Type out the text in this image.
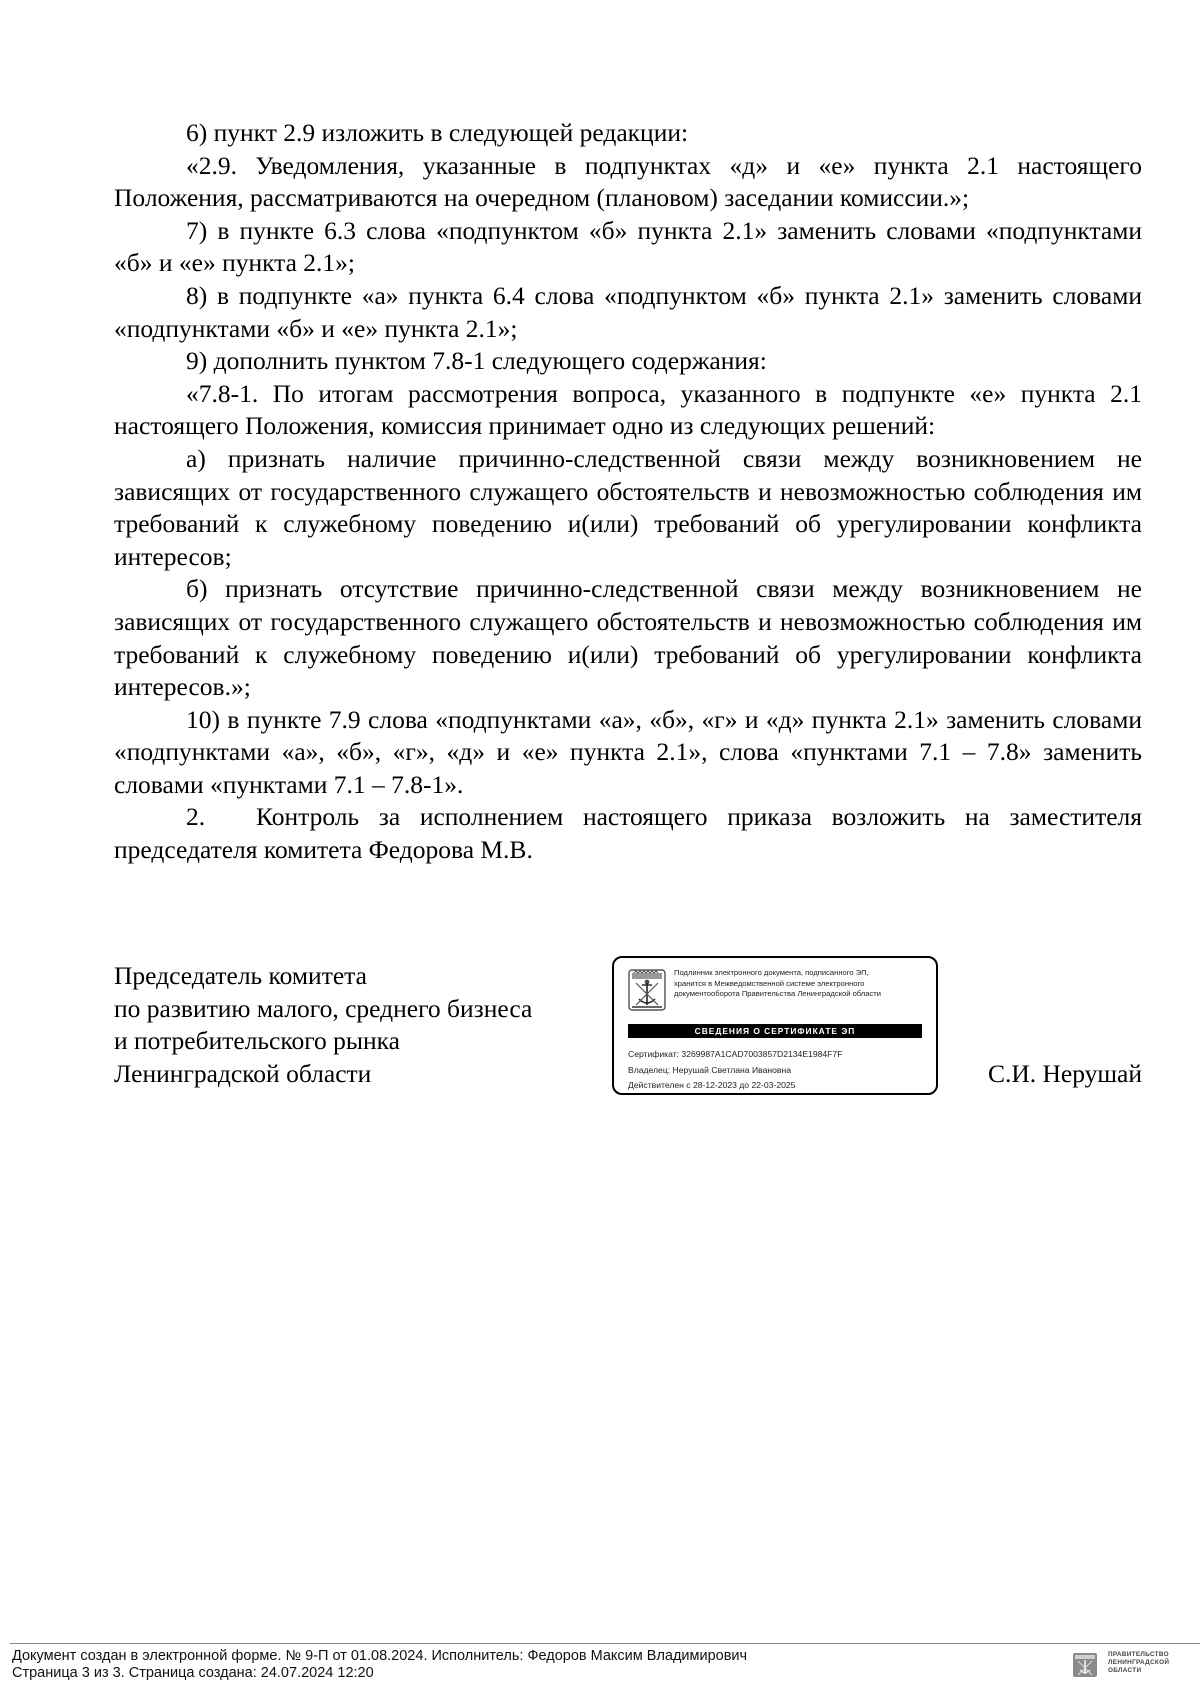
6) пункт 2.9 изложить в следующей редакции:

«2.9. Уведомления, указанные в подпунктах «д» и «е» пункта 2.1 настоящего Положения, рассматриваются на очередном (плановом) заседании комиссии.»;

7) в пункте 6.3 слова «подпунктом «б» пункта 2.1» заменить словами «подпунктами «б» и «е» пункта 2.1»;

8) в подпункте «а» пункта 6.4 слова «подпунктом «б» пункта 2.1» заменить словами «подпунктами «б» и «е» пункта 2.1»;

9) дополнить пунктом 7.8-1 следующего содержания:

«7.8-1. По итогам рассмотрения вопроса, указанного в подпункте «е» пункта 2.1 настоящего Положения, комиссия принимает одно из следующих решений:

а) признать наличие причинно-следственной связи между возникновением не зависящих от государственного служащего обстоятельств и невозможностью соблюдения им требований к служебному поведению и(или) требований об урегулировании конфликта интересов;

б) признать отсутствие причинно-следственной связи между возникновением не зависящих от государственного служащего обстоятельств и невозможностью соблюдения им требований к служебному поведению и(или) требований об урегулировании конфликта интересов.»;

10) в пункте 7.9 слова «подпунктами «а», «б», «г» и «д» пункта 2.1» заменить словами «подпунктами «а», «б», «г», «д» и «е» пункта 2.1», слова «пунктами 7.1 – 7.8» заменить словами «пунктами 7.1 – 7.8-1».

2. Контроль за исполнением настоящего приказа возложить на заместителя председателя комитета Федорова М.В.

Председатель комитета
по развитию малого, среднего бизнеса
и потребительского рынка
Ленинградской области
Подлинник электронного документа, подписанного ЭП,
хранится в Межведомственной системе электронного
документооборота Правительства Ленинградской области
СВЕДЕНИЯ О СЕРТИФИКАТЕ ЭП
Сертификат: 3269987A1CAD7003857D2134E1984F7F
Владелец: Нерушай Светлана Ивановна
Действителен с 28-12-2023 до 22-03-2025	С.И. Нерушай
Документ создан в электронной форме. № 9-П от 01.08.2024. Исполнитель: Федоров Максим Владимирович
Страница 3 из 3. Страница создана: 24.07.2024 12:20
ПРАВИТЕЛЬСТВО
ЛЕНИНГРАДСКОЙ
ОБЛАСТИ
